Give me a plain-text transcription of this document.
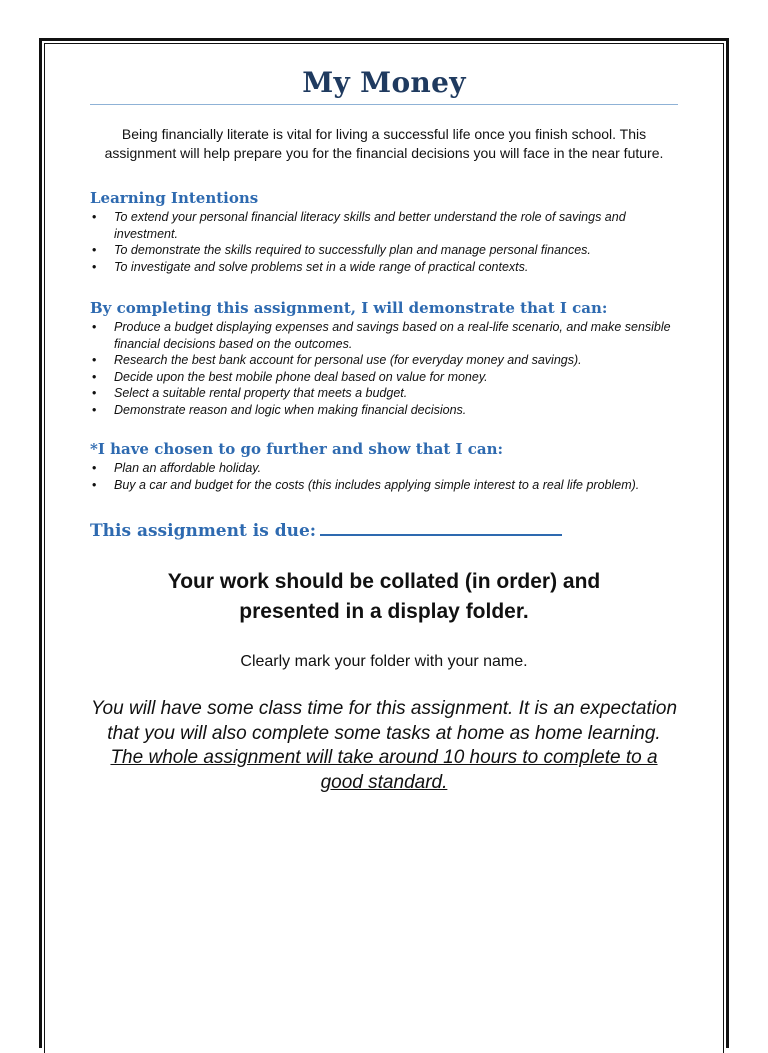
My Money

Being financially literate is vital for living a successful life once you finish school. This assignment will help prepare you for the financial decisions you will face in the near future.

Learning Intentions
• To extend your personal financial literacy skills and better understand the role of savings and investment.
• To demonstrate the skills required to successfully plan and manage personal finances.
• To investigate and solve problems set in a wide range of practical contexts.
By completing this assignment, I will demonstrate that I can:
• Produce a budget displaying expenses and savings based on a real-life scenario, and make sensible financial decisions based on the outcomes.
• Research the best bank account for personal use (for everyday money and savings).
• Decide upon the best mobile phone deal based on value for money.
• Select a suitable rental property that meets a budget.
• Demonstrate reason and logic when making financial decisions.
*I have chosen to go further and show that I can:
• Plan an affordable holiday.
• Buy a car and budget for the costs (this includes applying simple interest to a real life problem).
This assignment is due:
Your work should be collated (in order) and
presented in a display folder.
Clearly mark your folder with your name.
You will have some class time for this assignment. It is an expectation that you will also complete some tasks at home as home learning. The whole assignment will take around 10 hours to complete to a good standard.
